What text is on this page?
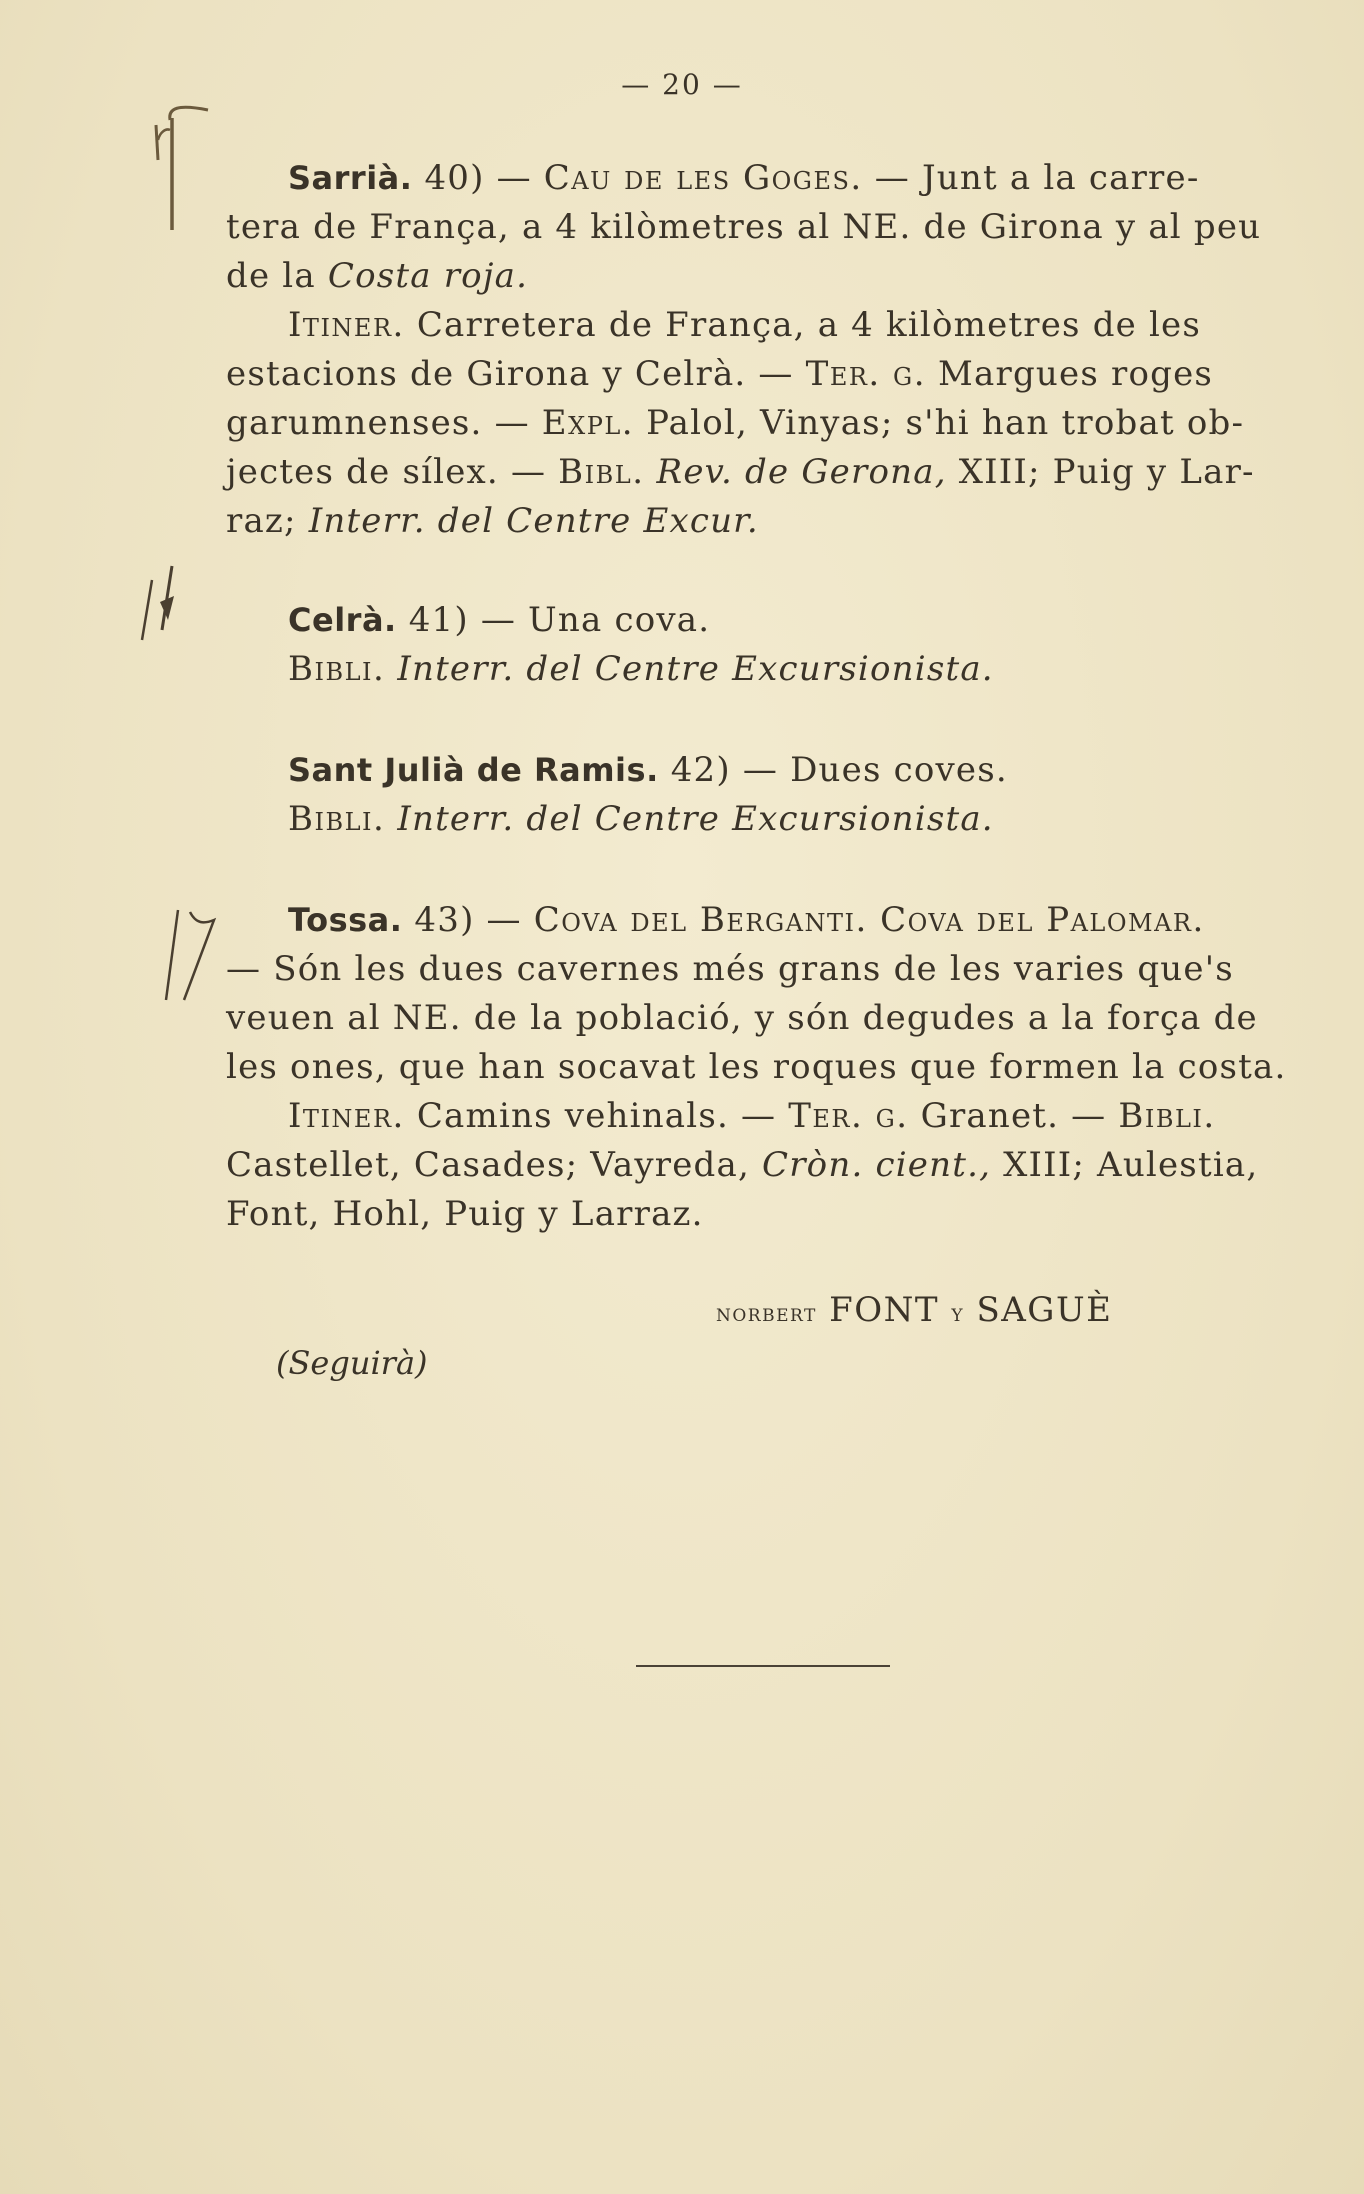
— 20 —
Sarrià. 40) — Cau de les Goges. — Junt a la carre-
tera de França, a 4 kilòmetres al NE. de Girona y al peu
de la Costa roja.
Itiner. Carretera de França, a 4 kilòmetres de les
estacions de Girona y Celrà. — Ter. g. Margues roges
garumnenses. — Expl. Palol, Vinyas; s'hi han trobat ob-
jectes de sílex. — Bibl. Rev. de Gerona, XIII; Puig y Lar-
raz; Interr. del Centre Excur.
Celrà. 41) — Una cova.
Bibli. Interr. del Centre Excursionista.
Sant Julià de Ramis. 42) — Dues coves.
Bibli. Interr. del Centre Excursionista.
Tossa. 43) — Cova del Berganti. Cova del Palomar.
— Són les dues cavernes més grans de les varies que's
veuen al NE. de la població, y són degudes a la força de
les ones, que han socavat les roques que formen la costa.
Itiner. Camins vehinals. — Ter. g. Granet. — Bibli.
Castellet, Casades; Vayreda, Cròn. cient., XIII; Aulestia,
Font, Hohl, Puig y Larraz.
norbert FONT y SAGUÈ
(Seguirà)
